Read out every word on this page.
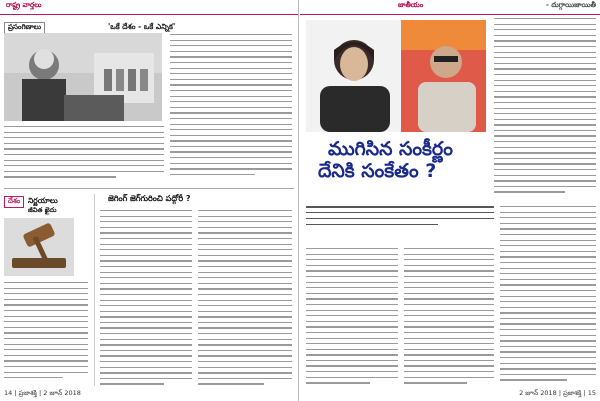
రాష్ట్ర వార్తలు
ప్రసంగిణాలు	'ఒకే దేశం - ఒకే ఎన్నిక'
దేశం	నిర్ణయాలు
జీవిత ఖైదు
జెగింగ్ జెగ్‌గురించి పద్గోరీ ?
14 | ప్రజాశక్తి | 2 జూన్ 2018
జాతీయం	- దుగ్గాయిజాయితీ
ముగిసిన సంకీర్ణం
దేనికి సంకేతం ?
2 జూన్ 2018 | ప్రజాశక్తి | 15
